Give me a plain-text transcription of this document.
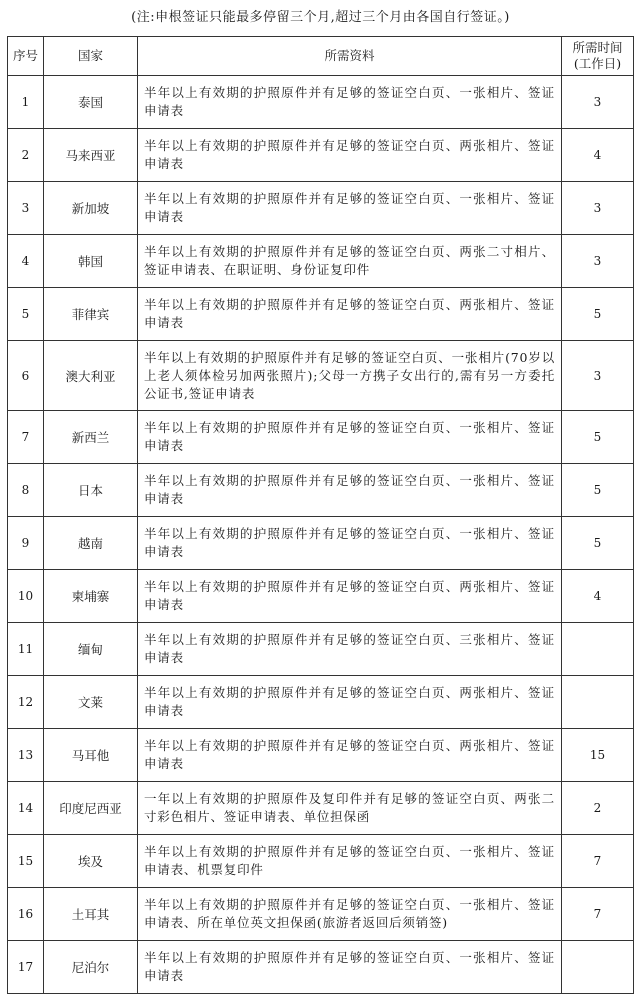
(注:申根签证只能最多停留三个月,超过三个月由各国自行签证。)
序号	国家	所需资料	所需时间
(工作日)
1	泰国	半年以上有效期的护照原件并有足够的签证空白页、一张相片、签证申请表	3
2	马来西亚	半年以上有效期的护照原件并有足够的签证空白页、两张相片、签证申请表	4
3	新加坡	半年以上有效期的护照原件并有足够的签证空白页、一张相片、签证申请表	3
4	韩国	半年以上有效期的护照原件并有足够的签证空白页、两张二寸相片、签证申请表、在职证明、身份证复印件	3
5	菲律宾	半年以上有效期的护照原件并有足够的签证空白页、两张相片、签证申请表	5
6	澳大利亚	半年以上有效期的护照原件并有足够的签证空白页、一张相片(70岁以上老人须体检另加两张照片);父母一方携子女出行的,需有另一方委托公证书,签证申请表	3
7	新西兰	半年以上有效期的护照原件并有足够的签证空白页、一张相片、签证申请表	5
8	日本	半年以上有效期的护照原件并有足够的签证空白页、一张相片、签证申请表	5
9	越南	半年以上有效期的护照原件并有足够的签证空白页、一张相片、签证申请表	5
10	柬埔寨	半年以上有效期的护照原件并有足够的签证空白页、两张相片、签证申请表	4
11	缅甸	半年以上有效期的护照原件并有足够的签证空白页、三张相片、签证申请表	
12	文莱	半年以上有效期的护照原件并有足够的签证空白页、两张相片、签证申请表	
13	马耳他	半年以上有效期的护照原件并有足够的签证空白页、两张相片、签证申请表	15
14	印度尼西亚	一年以上有效期的护照原件及复印件并有足够的签证空白页、两张二寸彩色相片、签证申请表、单位担保函	2
15	埃及	半年以上有效期的护照原件并有足够的签证空白页、一张相片、签证申请表、机票复印件	7
16	土耳其	半年以上有效期的护照原件并有足够的签证空白页、一张相片、签证申请表、所在单位英文担保函(旅游者返回后须销签)	7
17	尼泊尔	半年以上有效期的护照原件并有足够的签证空白页、一张相片、签证申请表	
